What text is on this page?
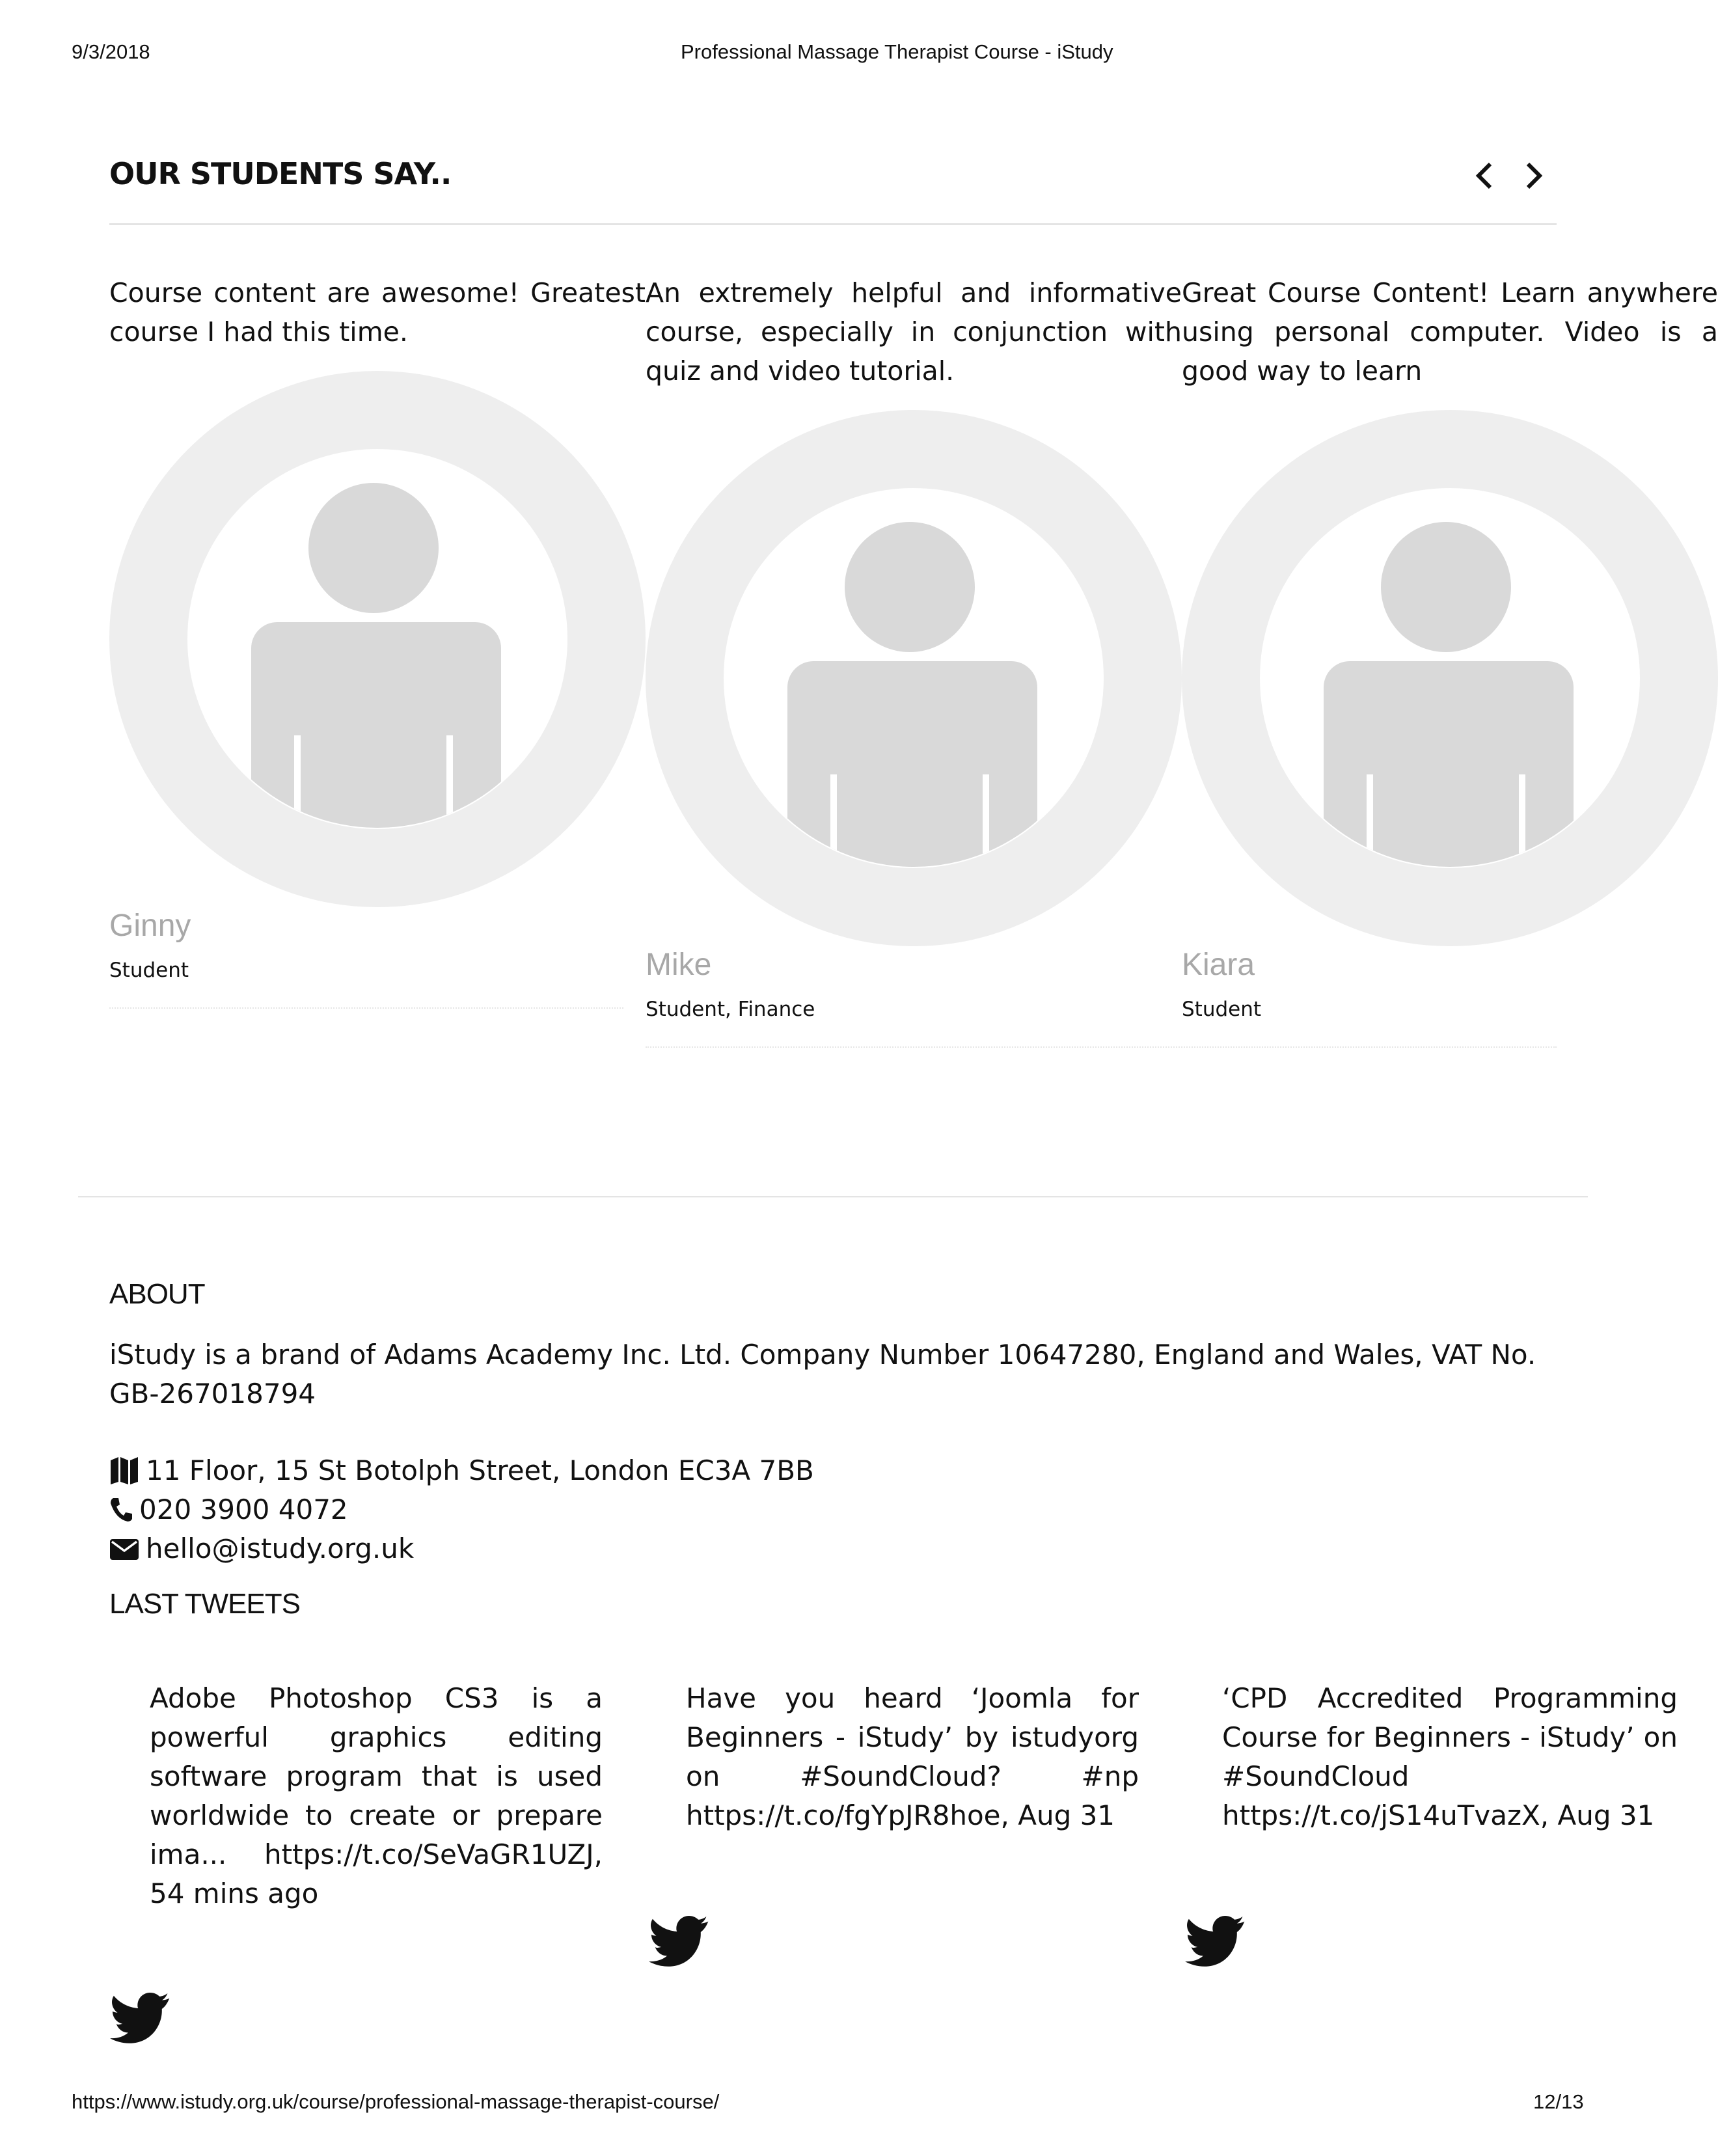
9/3/2018	Professional Massage Therapist Course - iStudy
OUR STUDENTS SAY..

Course content are awesome! Greatest course I had this time.

Ginny
Student

An extremely helpful and informative course, especially in conjunction with quiz and video tutorial.

Mike
Student, Finance

Great Course Content! Learn anywhere using personal computer. Video is a good way to learn

Kiara
Student
ABOUT
iStudy is a brand of Adams Academy Inc. Ltd. Company Number 10647280, England and Wales, VAT No. GB-267018794
11 Floor, 15 St Botolph Street, London EC3A 7BB
020 3900 4072
hello@istudy.org.uk
LAST TWEETS
Adobe Photoshop CS3 is a powerful graphics editing software program that is used worldwide to create or prepare ima... https://t.co/SeVaGR1UZJ, 54 mins ago
Have you heard ‘Joomla for Beginners - iStudy’ by istudyorg on #SoundCloud? #np https://t.co/fgYpJR8hoe, Aug 31
‘CPD Accredited Programming Course for Beginners - iStudy’ on #SoundCloud https://t.co/jS14uTvazX, Aug 31
https://www.istudy.org.uk/course/professional-massage-therapist-course/	12/13
